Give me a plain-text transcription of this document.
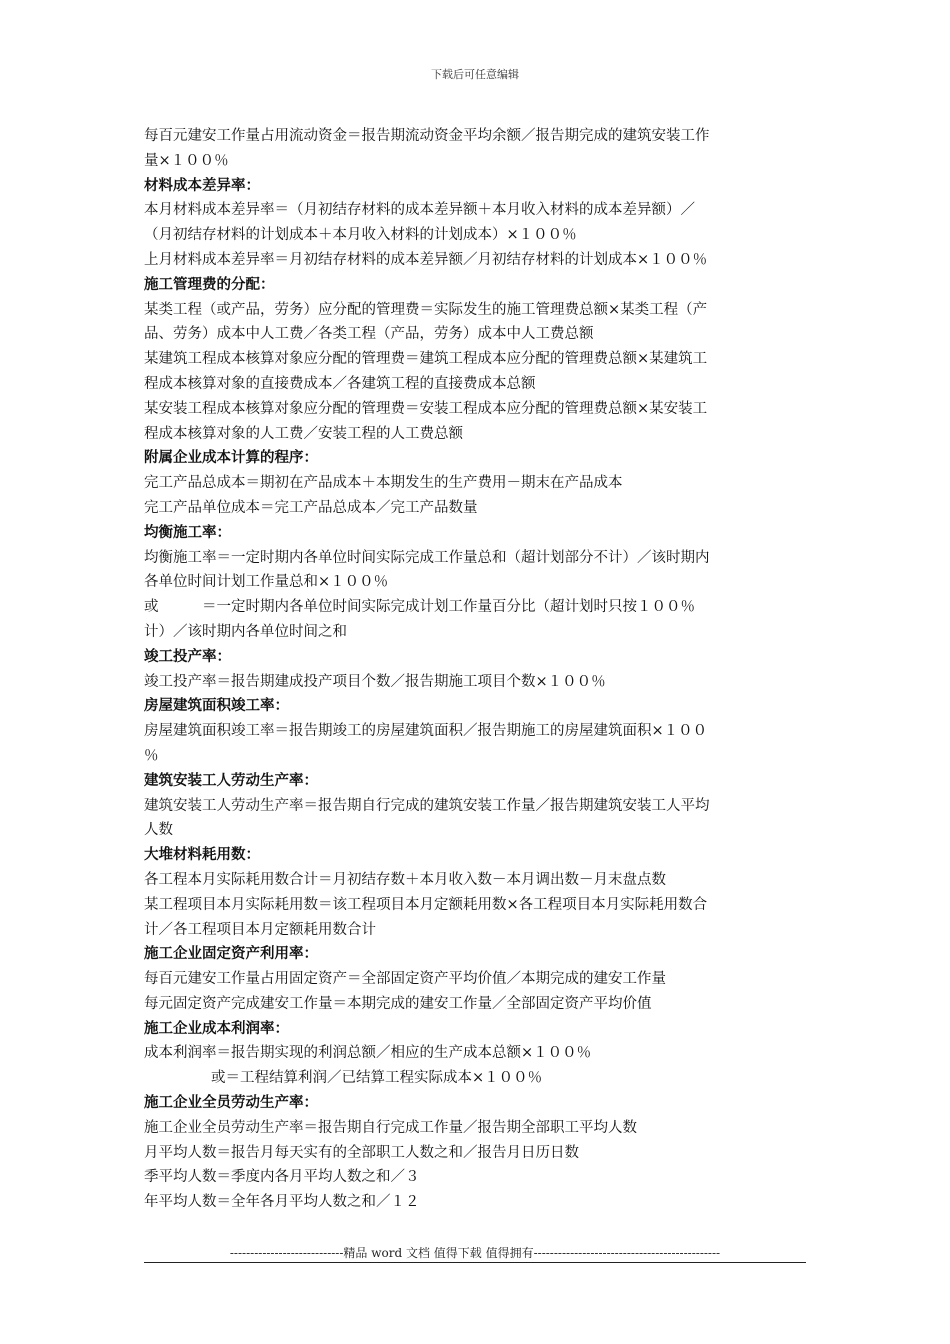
下载后可任意编辑
每百元建安工作量占用流动资金＝报告期流动资金平均余额／报告期完成的建筑安装工作
量×１００％
材料成本差异率：
本月材料成本差异率＝（月初结存材料的成本差异额＋本月收入材料的成本差异额）／
（月初结存材料的计划成本＋本月收入材料的计划成本）×１００％
上月材料成本差异率＝月初结存材料的成本差异额／月初结存材料的计划成本×１００％
施工管理费的分配：
某类工程（或产品，劳务）应分配的管理费＝实际发生的施工管理费总额×某类工程（产
品、劳务）成本中人工费／各类工程（产品，劳务）成本中人工费总额
某建筑工程成本核算对象应分配的管理费＝建筑工程成本应分配的管理费总额×某建筑工
程成本核算对象的直接费成本／各建筑工程的直接费成本总额
某安装工程成本核算对象应分配的管理费＝安装工程成本应分配的管理费总额×某安装工
程成本核算对象的人工费／安装工程的人工费总额
附属企业成本计算的程序：
完工产品总成本＝期初在产品成本＋本期发生的生产费用－期末在产品成本
完工产品单位成本＝完工产品总成本／完工产品数量
均衡施工率：
均衡施工率＝一定时期内各单位时间实际完成工作量总和（超计划部分不计）／该时期内
各单位时间计划工作量总和×１００％
或　　　＝一定时期内各单位时间实际完成计划工作量百分比（超计划时只按１００％
计）／该时期内各单位时间之和
竣工投产率：
竣工投产率＝报告期建成投产项目个数／报告期施工项目个数×１００％
房屋建筑面积竣工率：
房屋建筑面积竣工率＝报告期竣工的房屋建筑面积／报告期施工的房屋建筑面积×１００
％
建筑安装工人劳动生产率：
建筑安装工人劳动生产率＝报告期自行完成的建筑安装工作量／报告期建筑安装工人平均
人数
大堆材料耗用数：
各工程本月实际耗用数合计＝月初结存数＋本月收入数－本月调出数－月末盘点数
某工程项目本月实际耗用数＝该工程项目本月定额耗用数×各工程项目本月实际耗用数合
计／各工程项目本月定额耗用数合计
施工企业固定资产利用率：
每百元建安工作量占用固定资产＝全部固定资产平均价值／本期完成的建安工作量
每元固定资产完成建安工作量＝本期完成的建安工作量／全部固定资产平均价值
施工企业成本利润率：
成本利润率＝报告期实现的利润总额／相应的生产成本总额×１００％
或＝工程结算利润／已结算工程实际成本×１００％
施工企业全员劳动生产率：
施工企业全员劳动生产率＝报告期自行完成工作量／报告期全部职工平均人数
月平均人数＝报告月每天实有的全部职工人数之和／报告月日历日数
季平均人数＝季度内各月平均人数之和／３
年平均人数＝全年各月平均人数之和／１２
----------------------------精品 word 文档 值得下载 值得拥有----------------------------------------------
